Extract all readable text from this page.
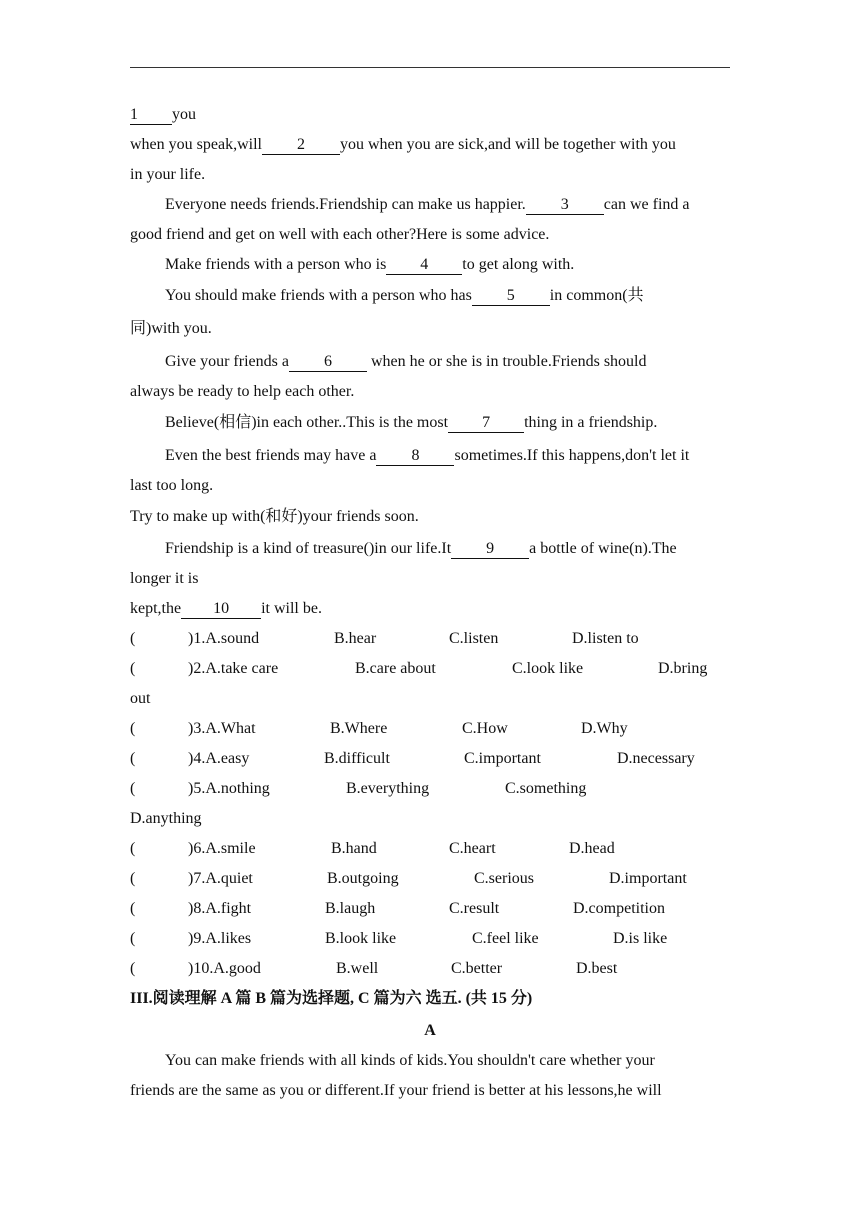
1 you
when you speak,will 2 you when you are sick,and will be together with you
in your life.
Everyone needs friends.Friendship can make us happier. 3 can we find a
good friend and get on well with each other?Here is some advice.
Make friends with a person who is 4 to get along with.
You should make friends with a person who has 5 in common(共
同)with you.
Give your friends a 6 when he or she is in trouble.Friends should
always be ready to help each other.
Believe(相信)in each other..This is the most 7 thing in a friendship.
Even the best friends may have a 8 sometimes.If this happens,don't let it
last too long.
Try to make up with(和好)your friends soon.
Friendship is a kind of treasure()in our life.It 9 a bottle of wine(n).The
longer it is
kept,the 10 it will be.
(	)1.A.sound	B.hear	C.listen	D.listen to
(	)2.A.take care	B.care about	C.look like	D.bring
out
(	)3.A.What	B.Where	C.How	D.Why
(	)4.A.easy	B.difficult	C.important	D.necessary
(	)5.A.nothing	B.everything	C.something
D.anything
(	)6.A.smile	B.hand	C.heart	D.head
(	)7.A.quiet	B.outgoing	C.serious	D.important
(	)8.A.fight	B.laugh	C.result	D.competition
(	)9.A.likes	B.look like	C.feel like	D.is like
(	)10.A.good	B.well	C.better	D.best
III.阅读理解 A 篇 B 篇为选择题, C 篇为六 选五. (共 15 分)
A
You can make friends with all kinds of kids.You shouldn't care whether your
friends are the same as you or different.If your friend is better at his lessons,he will
